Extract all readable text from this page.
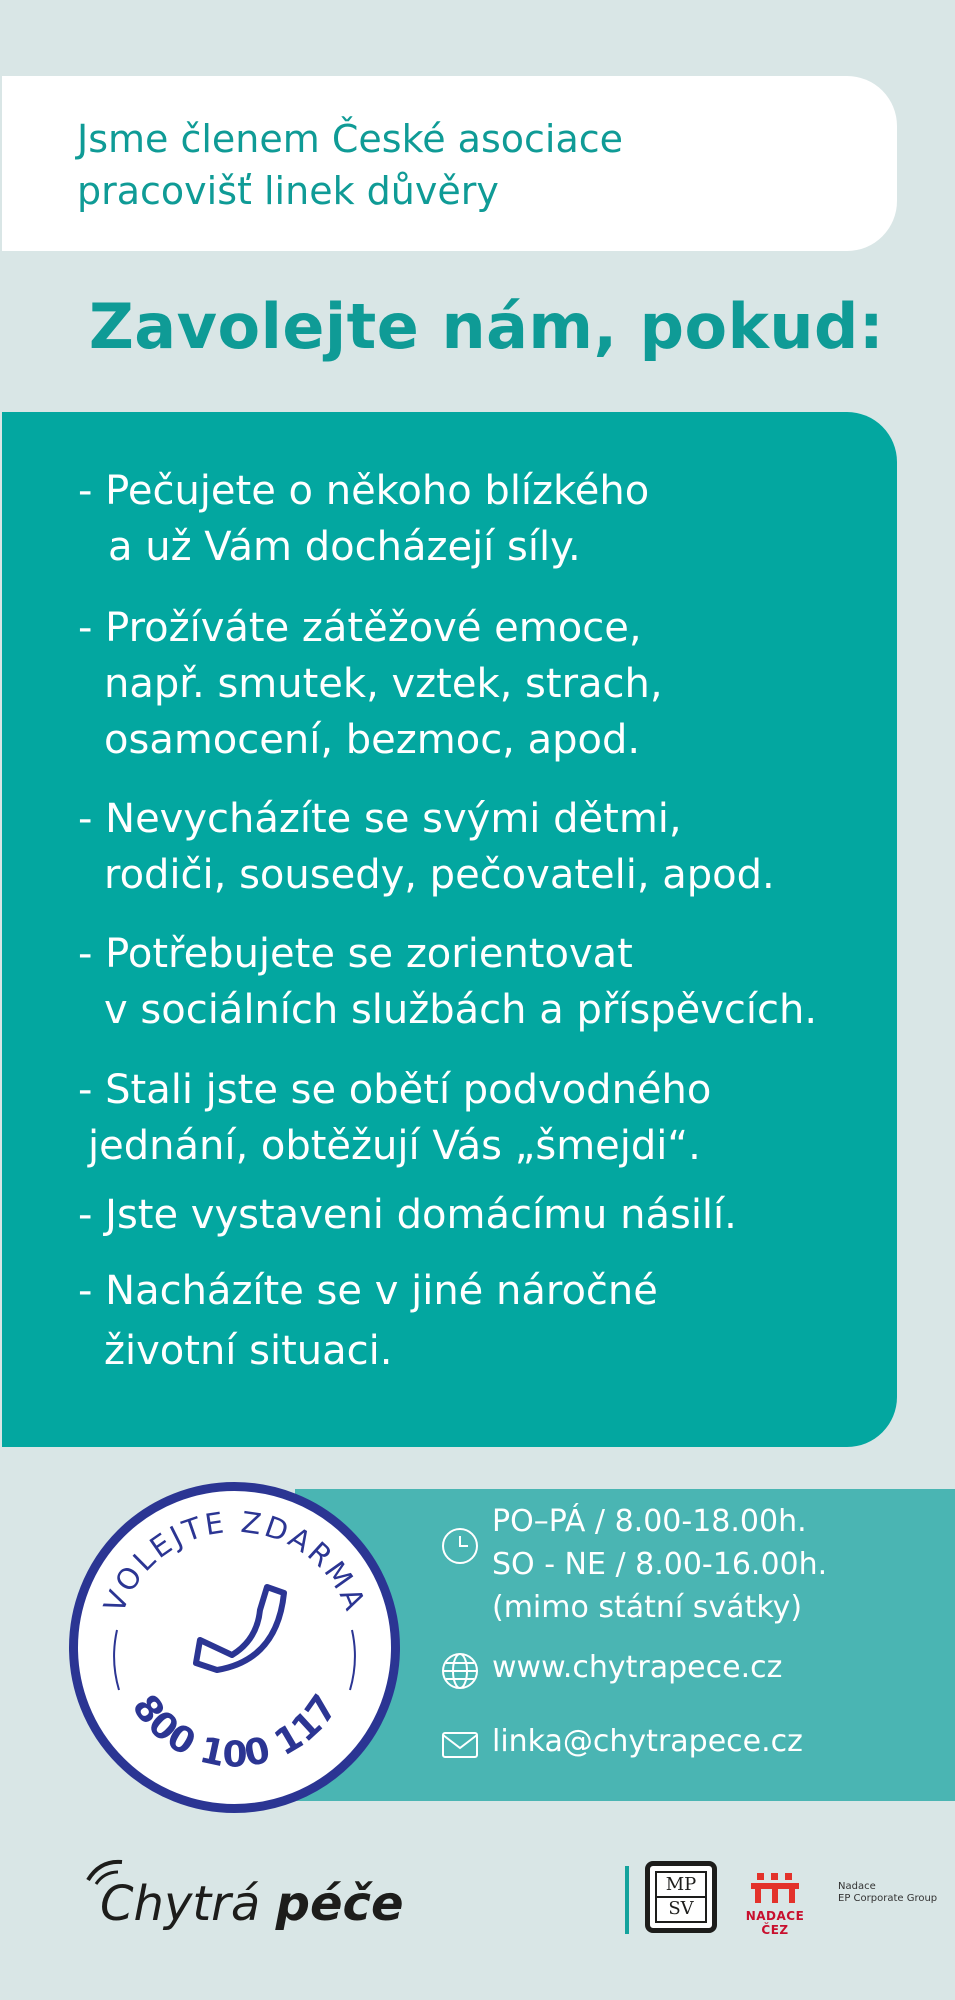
Jsme členem České asociace
pracovišť linek důvěry
Zavolejte nám, pokud:
- Pečujete o někoho blízkého
a už Vám docházejí síly.
- Prožíváte zátěžové emoce,
např. smutek, vztek, strach,
osamocení, bezmoc, apod.
- Nevycházíte se svými dětmi,
rodiči, sousedy, pečovateli, apod.
- Potřebujete se zorientovat
v sociálních službách a příspěvcích.
- Stali jste se obětí podvodného
jednání, obtěžují Vás „šmejdi“.
- Jste vystaveni domácímu násilí.
- Nacházíte se v jiné náročné
životní situaci.
VOLEJTE ZDARMA
800 100 117
PO–PÁ / 8.00-18.00h.
SO - NE / 8.00-16.00h.
(mimo státní svátky)
www.chytrapece.cz
linka@chytrapece.cz
Chytrá péče	MP
SV	NADACE ČEZ
Nadace
EP Corporate Group
